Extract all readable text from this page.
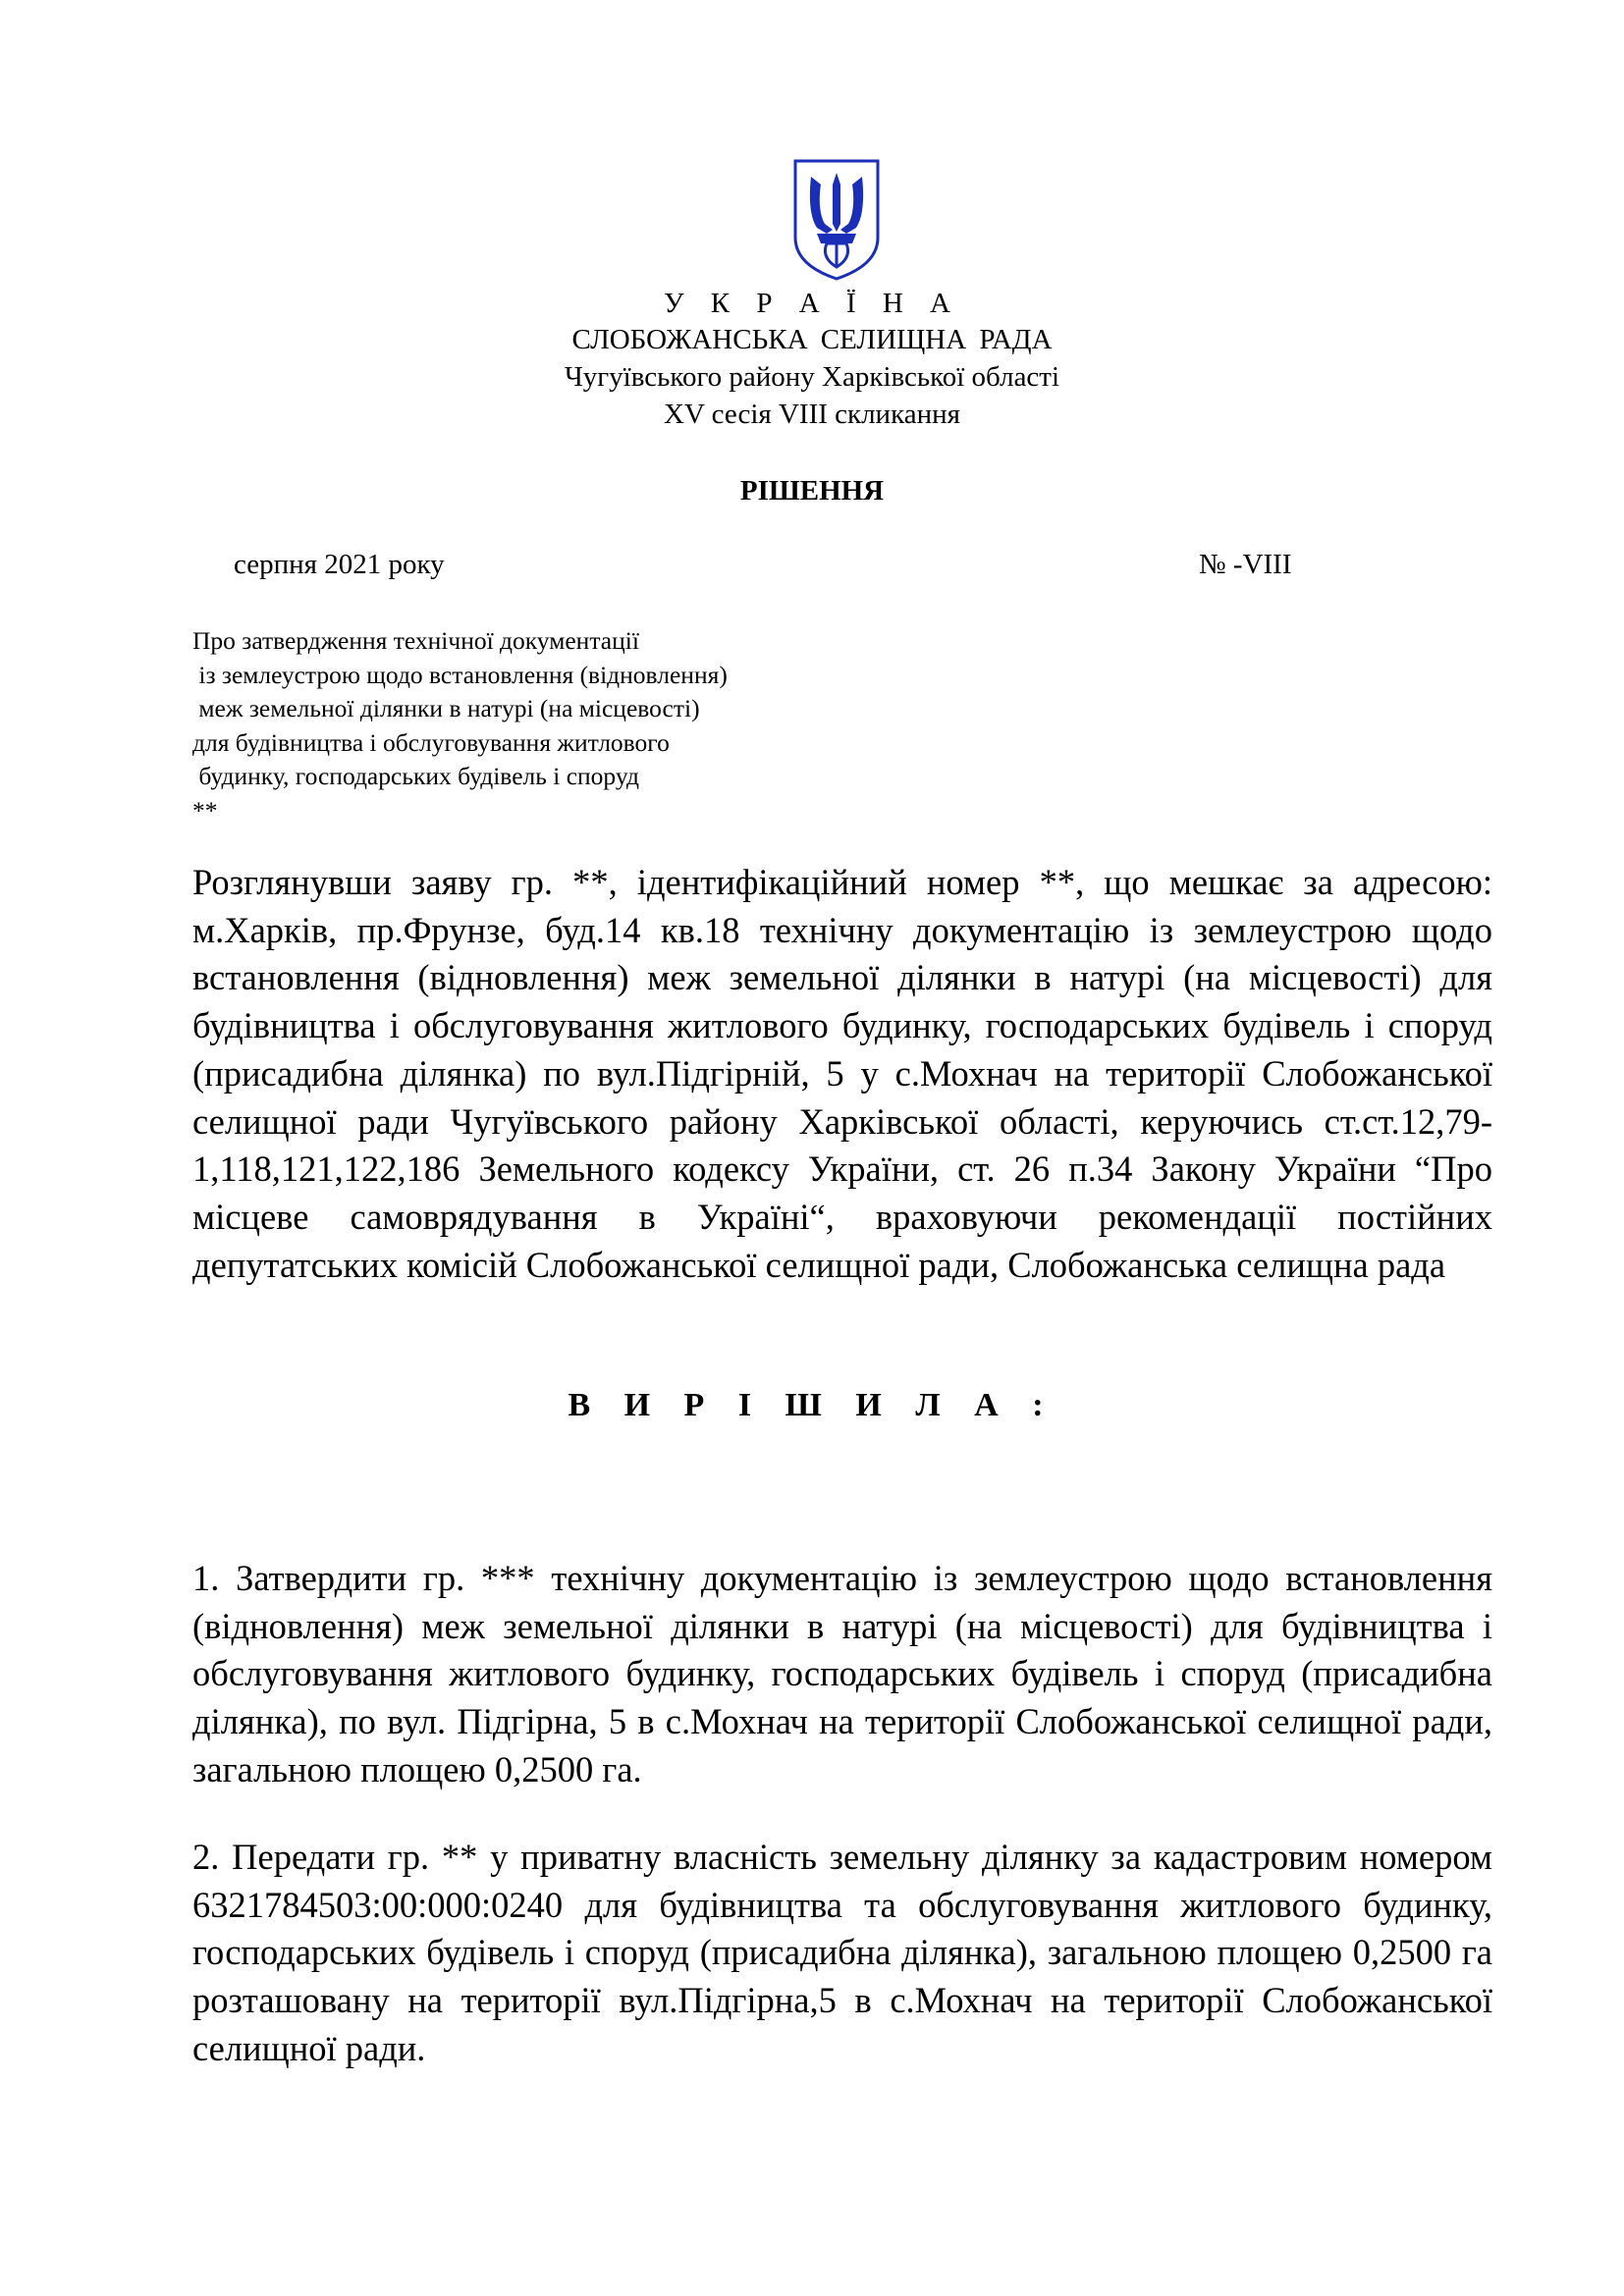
У К Р А Ї Н А
СЛОБОЖАНСЬКА СЕЛИЩНА РАДА
Чугуївського району Харківської області
XV сесія VIII скликання
РІШЕННЯ
серпня 2021 року	№ -VIII
Про затвердження технічної документації
із землеустрою щодо встановлення (відновлення)
меж земельної ділянки в натурі (на місцевості)
для будівництва і обслуговування житлового
будинку, господарських будівель і споруд
**
Розглянувши заяву гр. **, ідентифікаційний номер **, що мешкає за адресою: м.Харків, пр.Фрунзе, буд.14 кв.18 технічну документацію із землеустрою щодо встановлення (відновлення) меж земельної ділянки в натурі (на місцевості) для будівництва і обслуговування житлового будинку, господарських будівель і споруд (присадибна ділянка) по вул.Підгірній, 5 у с.Мохнач на території Слобожанської селищної ради Чугуївського району Харківської області, керуючись ст.ст.12,79-1,118,121,122,186 Земельного кодексу України, ст. 26 п.34 Закону України “Про місцеве самоврядування в Україні“, враховуючи рекомендації постійних депутатських комісій Слобожанської селищної ради, Слобожанська селищна рада
В И Р І Ш И Л А :
1. Затвердити гр. *** технічну документацію із землеустрою щодо встановлення (відновлення) меж земельної ділянки в натурі (на місцевості) для будівництва і обслуговування житлового будинку, господарських будівель і споруд (присадибна ділянка), по вул. Підгірна, 5 в с.Мохнач на території Слобожанської селищної ради, загальною площею 0,2500 га.
2. Передати гр. ** у приватну власність земельну ділянку за кадастровим номером 6321784503:00:000:0240 для будівництва та обслуговування житлового будинку, господарських будівель і споруд (присадибна ділянка), загальною площею 0,2500 га розташовану на території вул.Підгірна,5 в с.Мохнач на території Слобожанської селищної ради.
